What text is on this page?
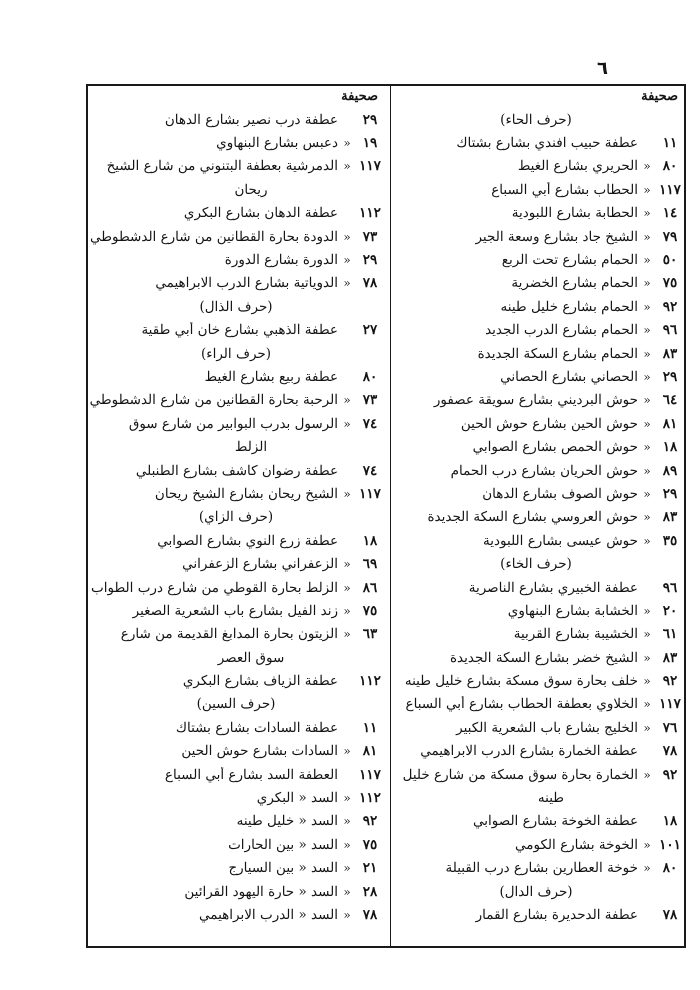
٦
صحيفة
(حرف الحاء)
١١
عطفة حبيب افندي بشارع بشتاك
٨٠
«
الحريري بشارع الغيط
١١٧
«
الحطاب بشارع أبي السباع
١٤
«
الحطابة بشارع اللبودية
٧٩
«
الشيخ جاد بشارع وسعة الجير
٥٠
«
الحمام بشارع تحت الربع
٧٥
«
الحمام بشارع الخضرية
٩٢
«
الحمام بشارع خليل طينه
٩٦
«
الحمام بشارع الدرب الجديد
٨٣
«
الحمام بشارع السكة الجديدة
٢٩
«
الحصاني بشارع الحصاني
٦٤
«
حوش البرديني بشارع سويقة عصفور
٨١
«
حوش الحين بشارع حوش الحين
١٨
«
حوش الحمص بشارع الصوابي
٨٩
«
حوش الحريان بشارع درب الحمام
٢٩
«
حوش الصوف بشارع الدهان
٨٣
«
حوش العروسي بشارع السكة الجديدة
٣٥
«
حوش عيسى بشارع اللبودية
(حرف الخاء)
٩٦
عطفة الخبيري بشارع الناصرية
٢٠
«
الخشابة بشارع البنهاوي
٦١
«
الخشيبة بشارع القربية
٨٣
«
الشيخ خضر بشارع السكة الجديدة
٩٢
«
خلف بحارة سوق مسكة بشارع خليل طينه
١١٧
«
الخلاوي بعطفة الحطاب بشارع أبي السباع
٧٦
«
الخليج بشارع باب الشعرية الكبير
٧٨
عطفة الخمارة بشارع الدرب الابراهيمي
٩٢
«
الخمارة بحارة سوق مسكة من شارع خليل
طينه
١٨
عطفة الخوخة بشارع الصوابي
١٠١
«
الخوخة بشارع الكومي
٨٠
«
خوخة العطارين بشارع درب القبيلة
(حرف الدال)
٧٨
عطفة الدحديرة بشارع القمار
صحيفة
٢٩
عطفة درب نصير بشارع الدهان
١٩
«
دعبس بشارع البنهاوي
١١٧
«
الدمرشية بعطفة البتنوني من شارع الشيخ
ريحان
١١٢
عطفة الدهان بشارع البكري
٧٣
«
الدودة بحارة القطانين من شارع الدشطوطي
٢٩
«
الدورة بشارع الدورة
٧٨
«
الدوياتية بشارع الدرب الابراهيمي
(حرف الذال)
٢٧
عطفة الذهبي بشارع خان أبي طقية
(حرف الراء)
٨٠
عطفة ربيع بشارع الغيط
٧٣
«
الرحبة بحارة القطانين من شارع الدشطوطي
٧٤
«
الرسول بدرب البوابير من شارع سوق
الزلط
٧٤
عطفة رضوان كاشف بشارع الطنبلي
١١٧
«
الشيخ ريحان بشارع الشيخ ريحان
(حرف الزاي)
١٨
عطفة زرع النوي بشارع الصوابي
٦٩
«
الزعفراني بشارع الزعفراني
٨٦
«
الزلط بحارة القوطي من شارع درب الطواب
٧٥
«
زند الفيل بشارع باب الشعرية الصغير
٦٣
«
الزيتون بحارة المدابغ القديمة من شارع
سوق العصر
١١٢
عطفة الزياف بشارع البكري
(حرف السين)
١١
عطفة السادات بشارع بشتاك
٨١
«
السادات بشارع حوش الحين
١١٧
العطفة السد بشارع أبي السباع
١١٢
«
السد « البكري
٩٢
«
السد « خليل طينه
٧٥
«
السد « بين الحارات
٢١
«
السد « بين السيارج
٢٨
«
السد « حارة اليهود القرائين
٧٨
«
السد « الدرب الابراهيمي
